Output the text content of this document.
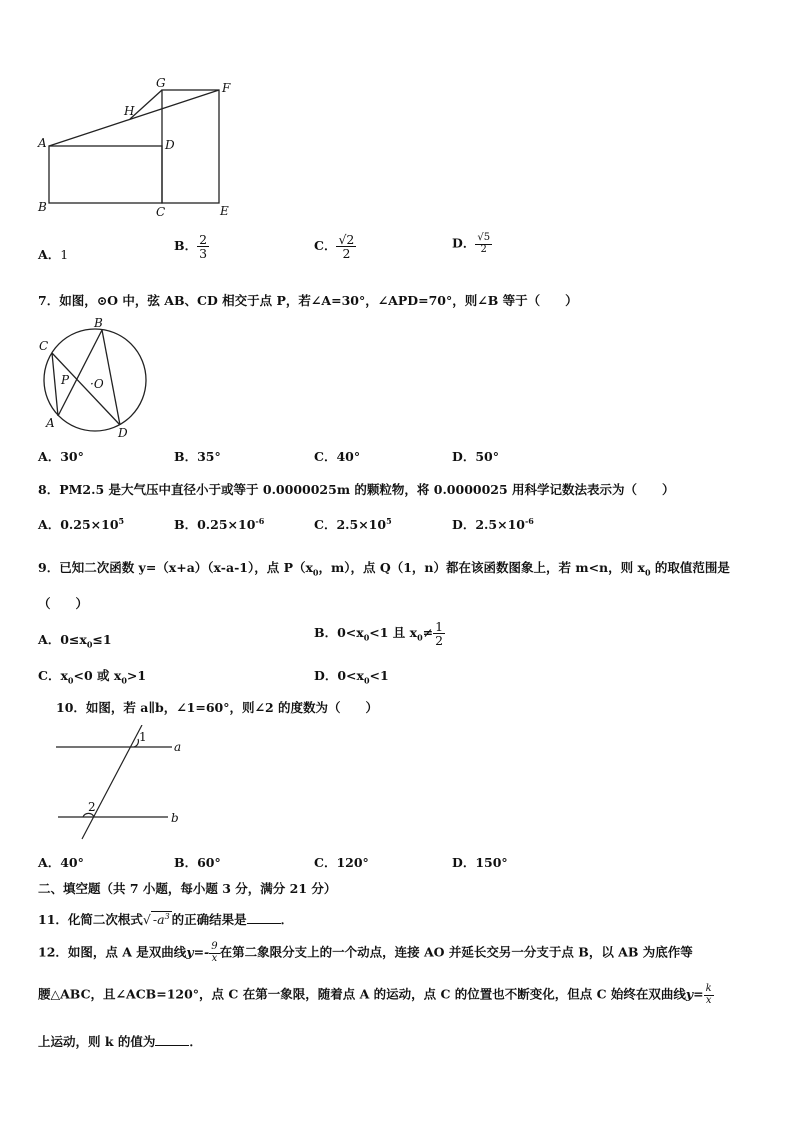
G	F
H
A	D
B	C	E
A．1
B． $\frac{2}{3}$	C． $\frac{√2}{2}$	D． $\frac{√5}{2}$
7．如图，⊙O 中，弦 AB、CD 相交于点 P，若∠A=30°，∠APD=70°，则∠B 等于（　　）
B
C
P ·O
A
D
A．30°	B．35°	C．40°	D．50°
8．PM2.5 是大气压中直径小于或等于 0.0000025m 的颗粒物，将 0.0000025 用科学记数法表示为（　　）
A．$0.25\times 10^5$	B．$0.25\times 10^{-6}$	C．$2.5\times 10^5$	D．$2.5\times 10^{-6}$
9．已知二次函数 y=（x+a）（x-a-1），点 $P(x_0$，m），点 Q（1，n）都在该函数图象上，若 m<n，则 $x_0$ 的取值范围是
（　　）
A．$0\le x_0\le 1$	B．$0<x_0<1$ 且 $x_0\ne \frac{1}{2}$
C．$x_0<0$ 或 $x_0>1$	D．$0<x_0<1$
10．如图，若 a∥b，∠1=60°，则∠2 的度数为（　　）
1
2
a
b
A．40°	B．60°	C．120°	D．150°
二、填空题（共 7 小题，每小题 3 分，满分 21 分）
11．化简二次根式√ $-a^3$ 的正确结果是	．
12．如图，点 A 是双曲线$y=- \frac{9}{x}$ 在第二象限分支上的一个动点，连接 AO 并延长交另一分支于点 B，以 AB 为底作等
腰△ABC，且∠ACB=120°，点 C 在第一象限，随着点 A 的运动，点 C 的位置也不断变化，但点 C 始终在双曲线$y= \frac{k}{x}$
上运动，则 k 的值为	．
